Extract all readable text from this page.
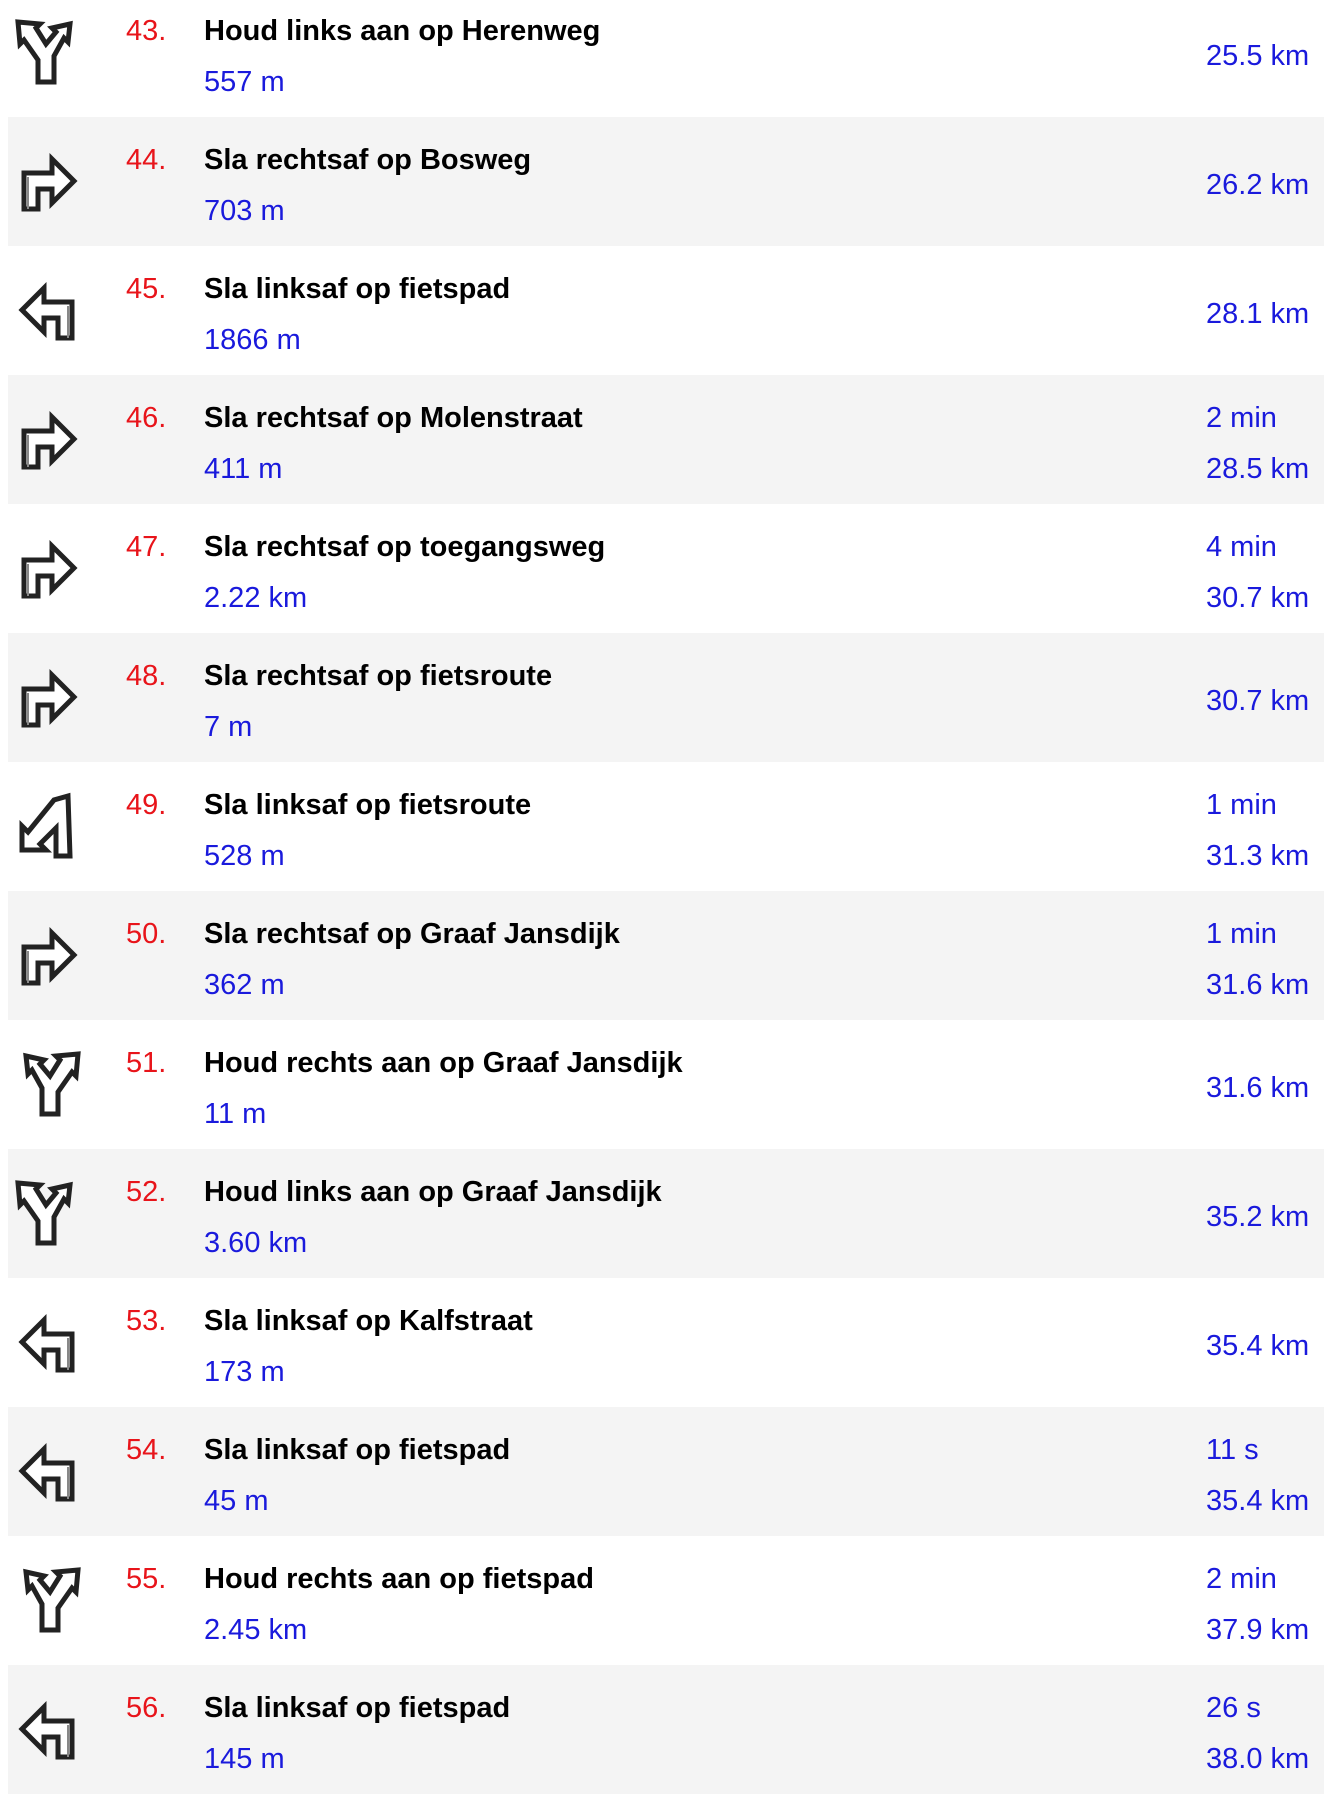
43. Houd links aan op Herenweg
557 m
25.5 km
44. Sla rechtsaf op Bosweg
703 m
26.2 km
45. Sla linksaf op fietspad
1866 m
28.1 km
46. Sla rechtsaf op Molenstraat
411 m
2 min
28.5 km
47. Sla rechtsaf op toegangsweg
2.22 km
4 min
30.7 km
48. Sla rechtsaf op fietsroute
7 m
30.7 km
49. Sla linksaf op fietsroute
528 m
1 min
31.3 km
50. Sla rechtsaf op Graaf Jansdijk
362 m
1 min
31.6 km
51. Houd rechts aan op Graaf Jansdijk
11 m
31.6 km
52. Houd links aan op Graaf Jansdijk
3.60 km
35.2 km
53. Sla linksaf op Kalfstraat
173 m
35.4 km
54. Sla linksaf op fietspad
45 m
11 s
35.4 km
55. Houd rechts aan op fietspad
2.45 km
2 min
37.9 km
56. Sla linksaf op fietspad
145 m
26 s
38.0 km
